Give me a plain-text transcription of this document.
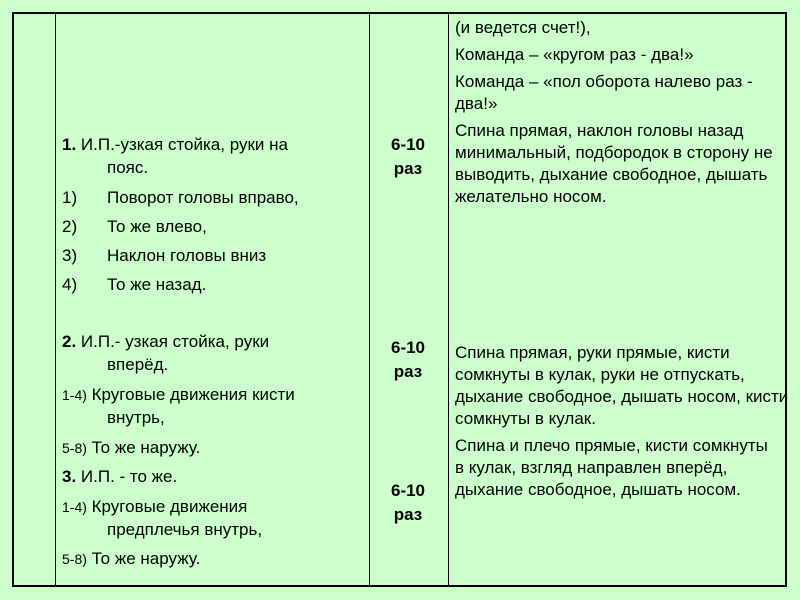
1. И.П.-узкая стойка, руки на
пояс.
1) Поворот головы вправо,
2) То же влево,
3) Наклон головы вниз
4) То же назад.
2. И.П.- узкая стойка, руки
вперёд.
1-4) Круговые движения кисти
внутрь,
5-8) То же наружу.
3. И.П. - то же.
1-4) Круговые движения
предплечья внутрь,
5-8) То же наружу.
6-10
раз
6-10
раз
6-10
раз

(и ведется счет!),

Команда – «кругом раз - два!»

Команда – «пол оборота налево раз - два!»

Спина прямая, наклон головы назад минимальный, подбородок в сторону не выводить, дыхание свободное, дышать желательно носом.

Спина прямая, руки прямые, кисти сомкнуты в кулак, руки не отпускать, дыхание свободное, дышать носом, кисти сомкнуты в кулак.

Спина и плечо прямые, кисти сомкнуты в кулак, взгляд направлен вперёд, дыхание свободное, дышать носом.
